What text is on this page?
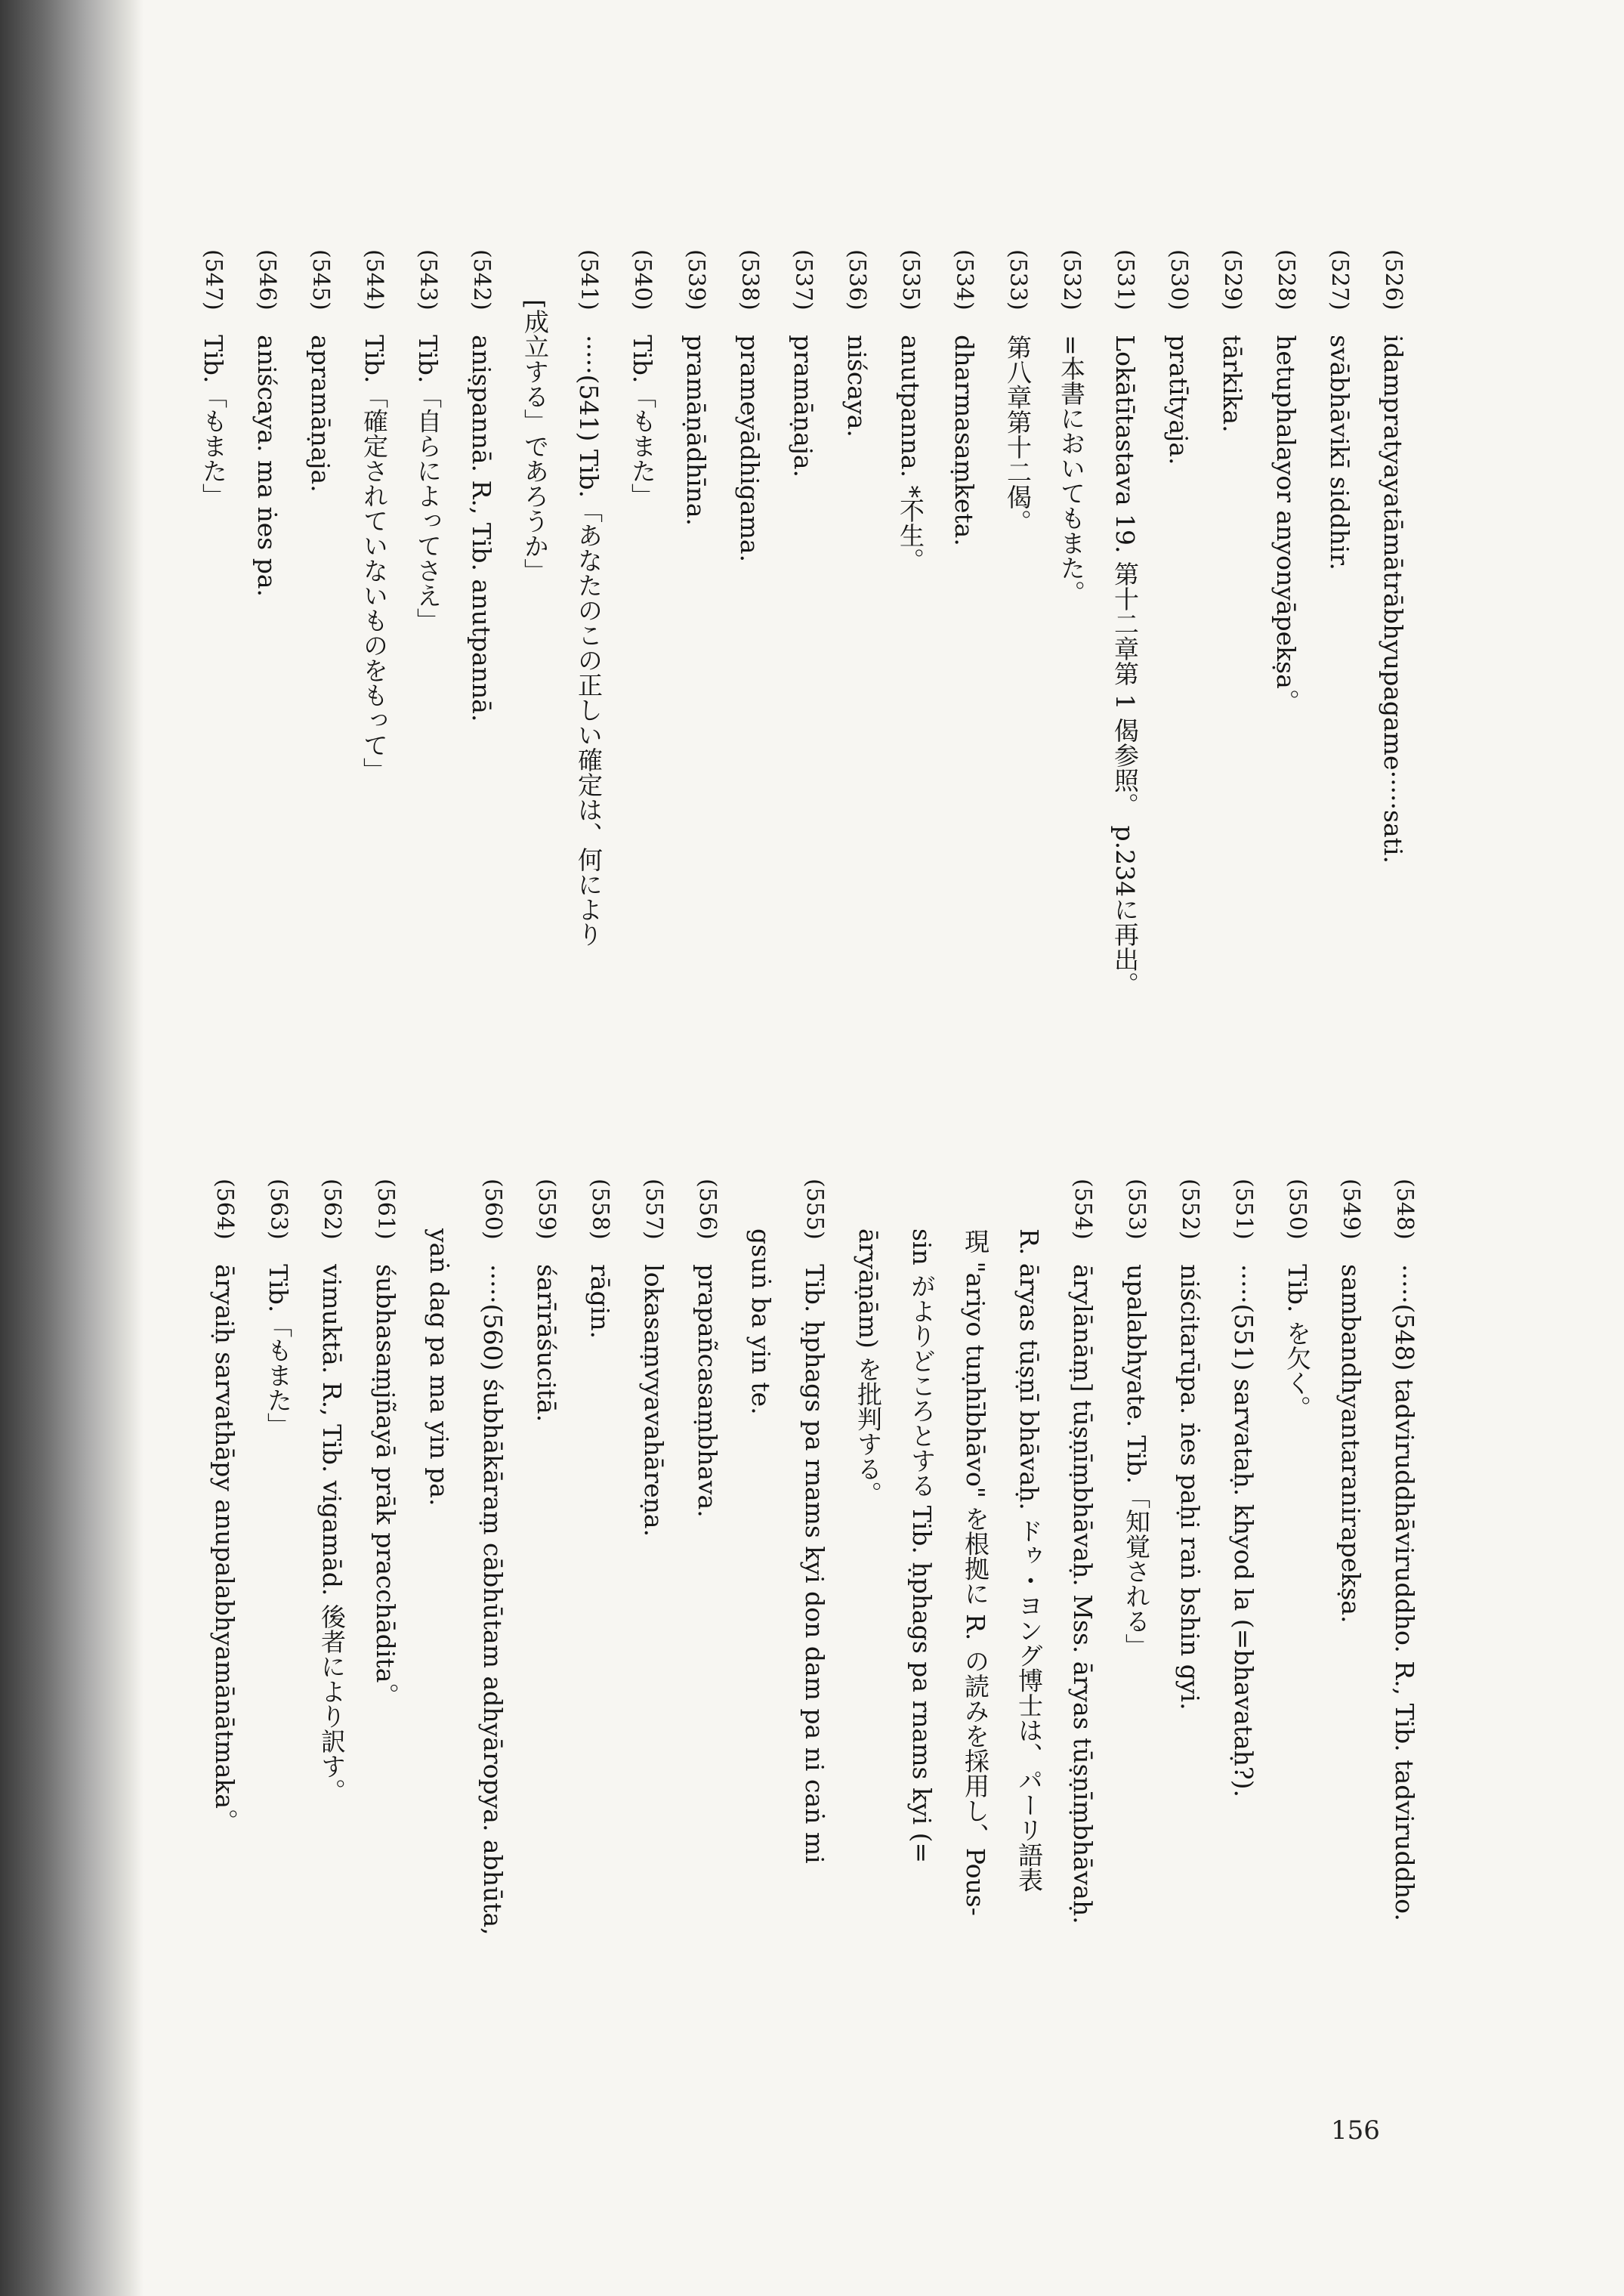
156
(548) ·····(548) tadviruddhāviruddho. R., Tib. tadviruddho.
(549) sambandhyantaranirapekṣa.
(550) Tib. を欠く。
(551) ·····(551) sarvataḥ. khyod la (=bhavataḥ?).
(552) niścitarūpa. ṅes paḥi raṅ bshin gyi.
(553) upalabhyate. Tib.「知覚される」
(554) ārylānāṃ] tūṣṇīṃbhāvaḥ. Mss. āryas tūṣṇīṃbhāvaḥ.
　　R. āryas tūṣṇī bhāvaḥ. ドゥ・ヨング博士は、パーリ語表
　　現 "ariyo tuṇhībhāvo" を根拠に R. の読みを採用し、Pous-
　　sin がよりどころとする Tib. ḥphags pa rnams kyi (=
　　āryāṇām) を批判する。
(555) Tib. ḥphags pa rnams kyi don dam pa ni caṅ mi
　　gsuṅ ba yin te.
(556) prapañcasaṃbhava.
(557) lokasaṃvyavahāreṇa.
(558) rāgin.
(559) śarīrāśucitā.
(560) ·····(560) śubhākāraṃ cābhūtam adhyāropya. abhūta,
　　yaṅ dag pa ma yin pa.
(561) śubhasaṃjñayā prāk pracchādita。
(562) vimuktā. R., Tib. vigamād. 後者により訳す。
(563) Tib.「もまた」
(564) āryaiḥ sarvathāpy anupalabhyamānātmaka。
(526) idampratyayatāmātrābhyupagame·····sati.
(527) svābhāvikī siddhir.
(528) hetuphalayor anyonyāpekṣa。
(529) tārkika.
(530) pratītyaja.
(531) Lokātītastava 19. 第十二章第 1 偈参照。 p.234に再出。
(532) =本書においてもまた。
(533) 第八章第十二偈。
(534) dharmasaṃketa.
(535) anutpanna. *不生。
(536) niścaya.
(537) pramāṇaja.
(538) prameyādhigama.
(539) pramāṇādhīna.
(540) Tib.「もまた」
(541) ·····(541) Tib.「あなたのこの正しい確定は、何により
　　[成立する」であろうか」
(542) aniṣpannā. R., Tib. anutpannā.
(543) Tib.「自らによってさえ」
(544) Tib.「確定されていないものをもって」
(545) apramāṇaja.
(546) aniścaya. ma ṅes pa.
(547) Tib.「もまた」
